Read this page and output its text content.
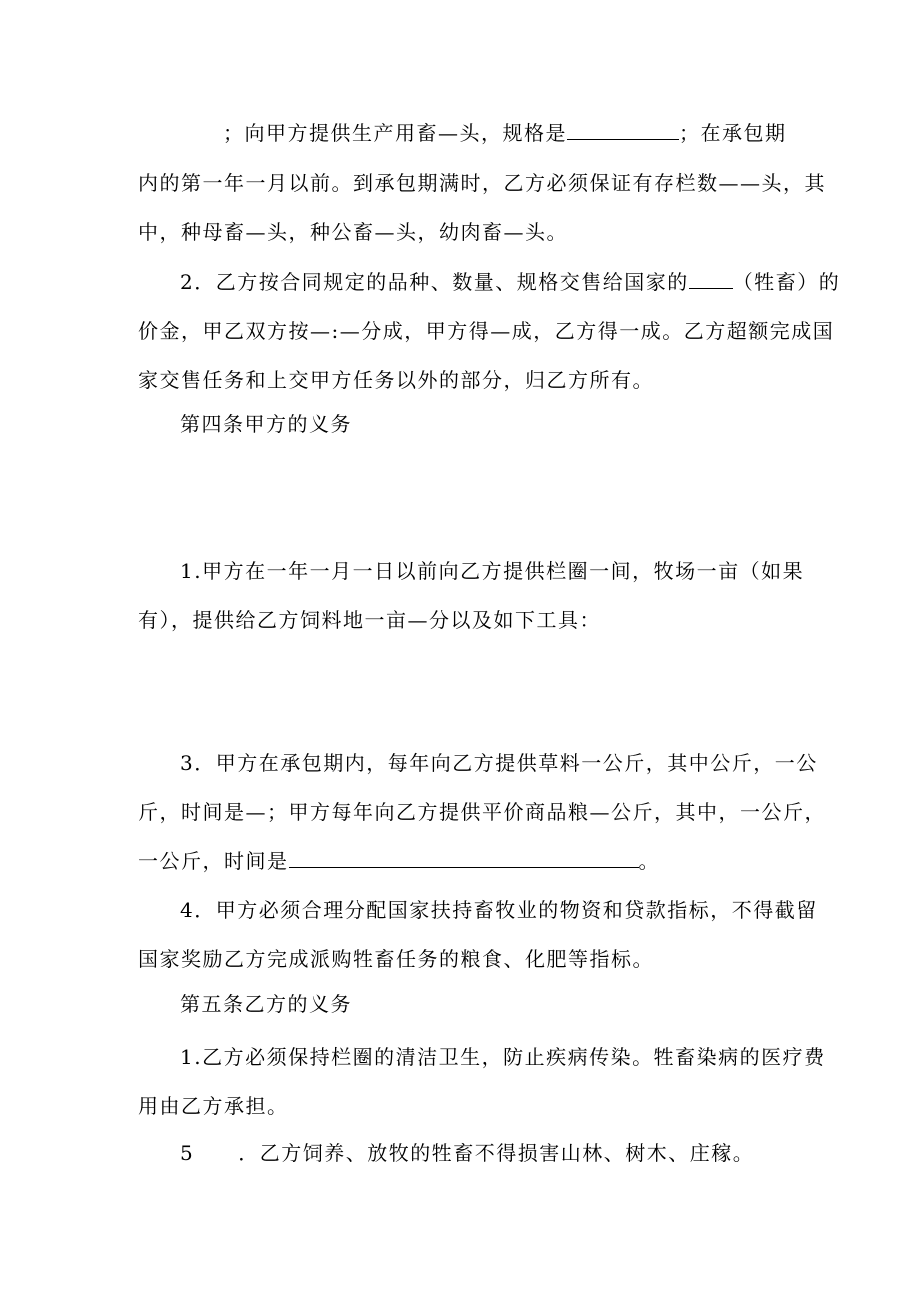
；向甲方提供生产用畜—头，规格是	；在承包期
内的第一年一月以前。到承包期满时，乙方必须保证有存栏数——头，其
中，种母畜—头，种公畜—头，幼肉畜—头。
2．乙方按合同规定的品种、数量、规格交售给国家的 （牲畜）的
价金，甲乙双方按—:—分成，甲方得—成，乙方得一成。乙方超额完成国
家交售任务和上交甲方任务以外的部分，归乙方所有。
第四条甲方的义务
1.甲方在一年一月一日以前向乙方提供栏圈一间，牧场一亩（如果
有），提供给乙方饲料地一亩—分以及如下工具：
3．甲方在承包期内，每年向乙方提供草料一公斤，其中公斤，一公
斤，时间是—；甲方每年向乙方提供平价商品粮—公斤，其中，一公斤，
一公斤，时间是	。
4．甲方必须合理分配国家扶持畜牧业的物资和贷款指标，不得截留
国家奖励乙方完成派购牲畜任务的粮食、化肥等指标。
第五条乙方的义务
1.乙方必须保持栏圈的清洁卫生，防止疾病传染。牲畜染病的医疗费
用由乙方承担。
5 ．乙方饲养、放牧的牲畜不得损害山林、树木、庄稼。
